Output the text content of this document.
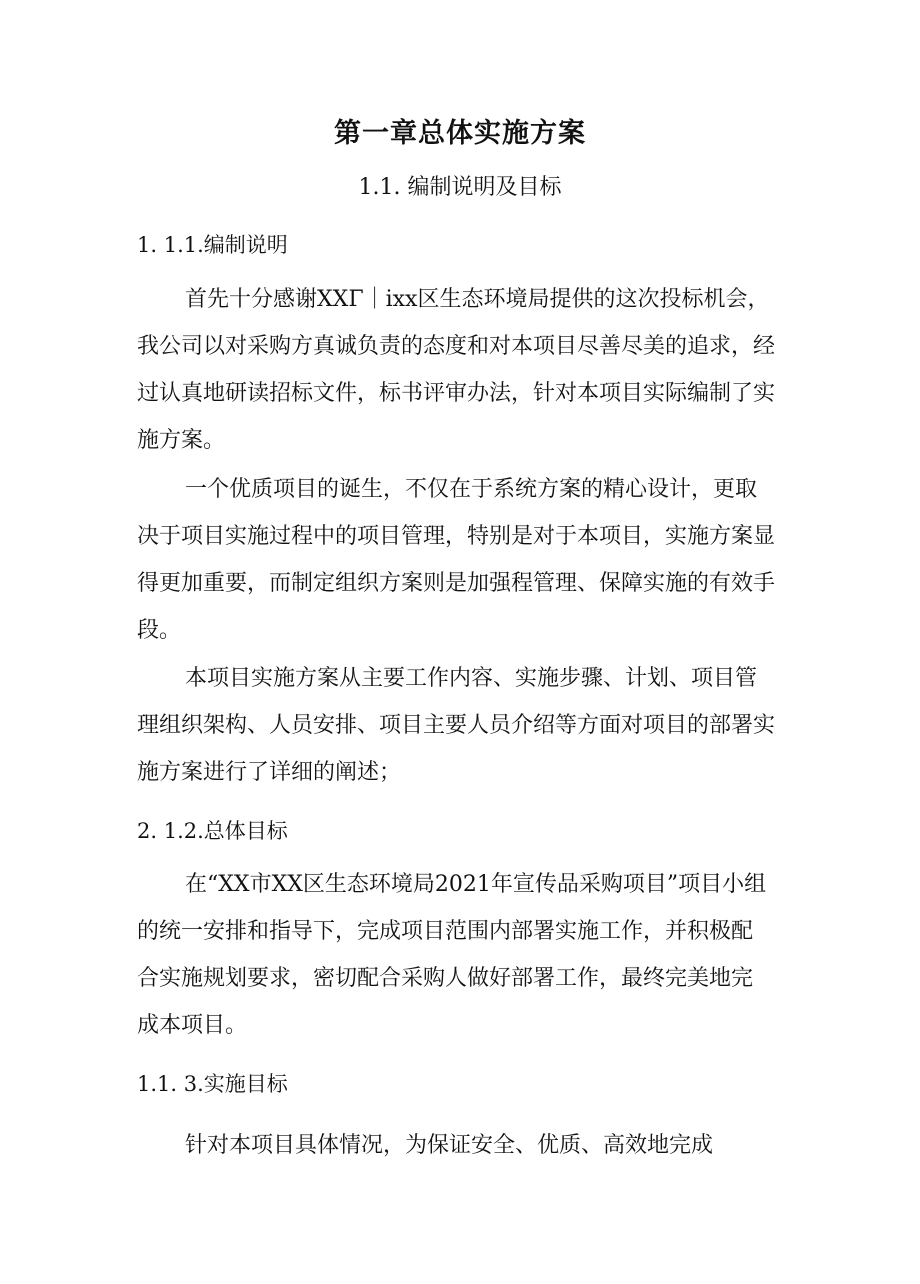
第一章总体实施方案
1.1. 编制说明及目标
1. 1.1.编制说明
首先十分感谢XXΓ｜ixx区生态环境局提供的这次投标机会，
我公司以对采购方真诚负责的态度和对本项目尽善尽美的追求，经
过认真地研读招标文件，标书评审办法，针对本项目实际编制了实
施方案。
一个优质项目的诞生，不仅在于系统方案的精心设计，更取
决于项目实施过程中的项目管理，特别是对于本项目，实施方案显
得更加重要，而制定组织方案则是加强程管理、保障实施的有效手
段。
本项目实施方案从主要工作内容、实施步骤、计划、项目管
理组织架构、人员安排、项目主要人员介绍等方面对项目的部署实
施方案进行了详细的阐述；
2. 1.2.总体目标
在“XX市XX区生态环境局2021年宣传品采购项目”项目小组
的统一安排和指导下，完成项目范围内部署实施工作，并积极配
合实施规划要求，密切配合采购人做好部署工作，最终完美地完
成本项目。
1.1. 3.实施目标
针对本项目具体情况，为保证安全、优质、高效地完成
